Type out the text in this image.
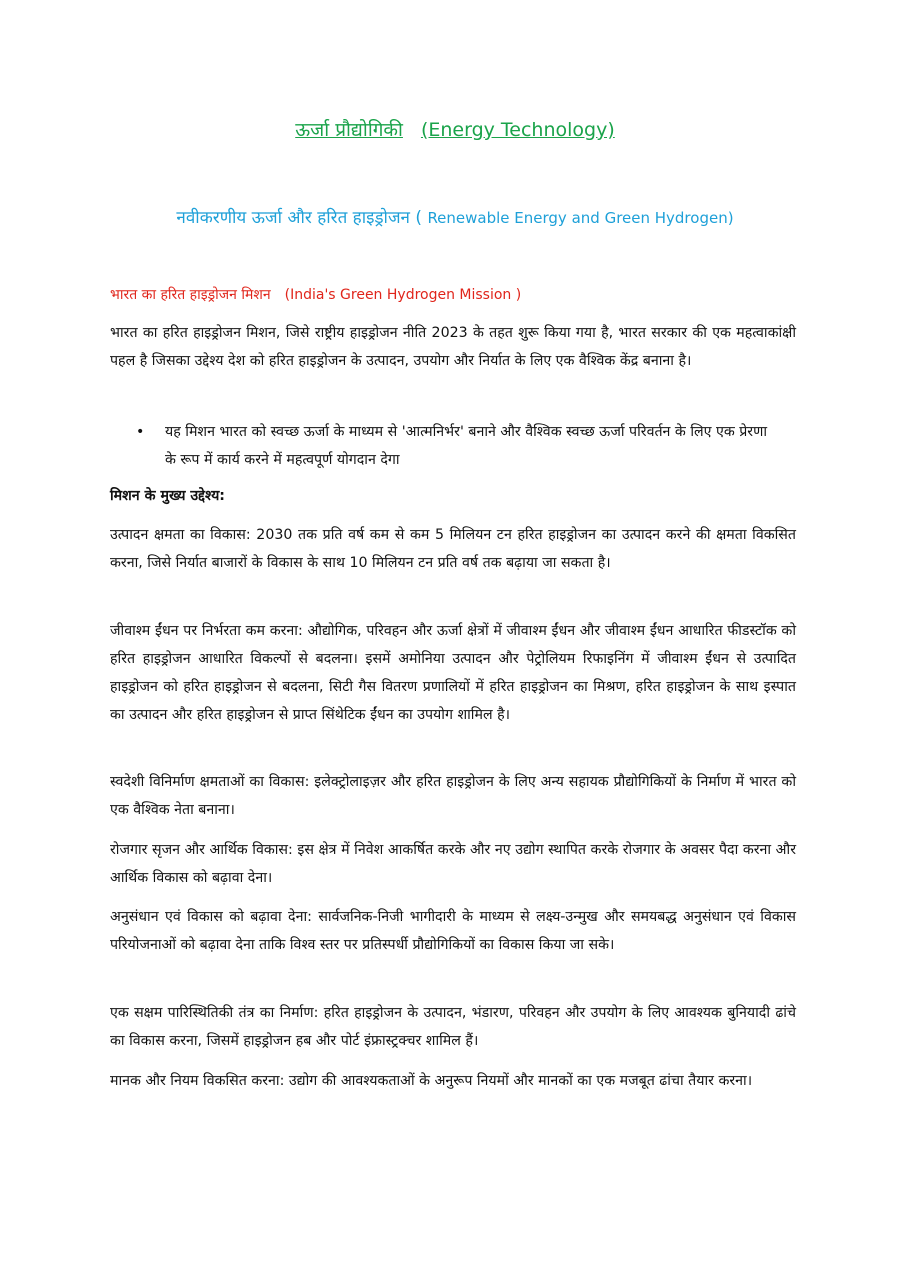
ऊर्जा प्रौद्योगिकी (Energy Technology)
नवीकरणीय ऊर्जा और हरित हाइड्रोजन ( Renewable Energy and Green Hydrogen)
भारत का हरित हाइड्रोजन मिशन (India's Green Hydrogen Mission )

भारत का हरित हाइड्रोजन मिशन, जिसे राष्ट्रीय हाइड्रोजन नीति 2023 के तहत शुरू किया गया है, भारत सरकार की एक महत्वाकांक्षी पहल है जिसका उद्देश्य देश को हरित हाइड्रोजन के उत्पादन, उपयोग और निर्यात के लिए एक वैश्विक केंद्र बनाना है।

• यह मिशन भारत को स्वच्छ ऊर्जा के माध्यम से 'आत्मनिर्भर' बनाने और वैश्विक स्वच्छ ऊर्जा परिवर्तन के लिए एक प्रेरणा के रूप में कार्य करने में महत्वपूर्ण योगदान देगा
मिशन के मुख्य उद्देश्य:

उत्पादन क्षमता का विकास: 2030 तक प्रति वर्ष कम से कम 5 मिलियन टन हरित हाइड्रोजन का उत्पादन करने की क्षमता विकसित करना, जिसे निर्यात बाजारों के विकास के साथ 10 मिलियन टन प्रति वर्ष तक बढ़ाया जा सकता है।

जीवाश्म ईंधन पर निर्भरता कम करना: औद्योगिक, परिवहन और ऊर्जा क्षेत्रों में जीवाश्म ईंधन और जीवाश्म ईंधन आधारित फीडस्टॉक को हरित हाइड्रोजन आधारित विकल्पों से बदलना। इसमें अमोनिया उत्पादन और पेट्रोलियम रिफाइनिंग में जीवाश्म ईंधन से उत्पादित हाइड्रोजन को हरित हाइड्रोजन से बदलना, सिटी गैस वितरण प्रणालियों में हरित हाइड्रोजन का मिश्रण, हरित हाइड्रोजन के साथ इस्पात का उत्पादन और हरित हाइड्रोजन से प्राप्त सिंथेटिक ईंधन का उपयोग शामिल है।

स्वदेशी विनिर्माण क्षमताओं का विकास: इलेक्ट्रोलाइज़र और हरित हाइड्रोजन के लिए अन्य सहायक प्रौद्योगिकियों के निर्माण में भारत को एक वैश्विक नेता बनाना।

रोजगार सृजन और आर्थिक विकास: इस क्षेत्र में निवेश आकर्षित करके और नए उद्योग स्थापित करके रोजगार के अवसर पैदा करना और आर्थिक विकास को बढ़ावा देना।

अनुसंधान एवं विकास को बढ़ावा देना: सार्वजनिक-निजी भागीदारी के माध्यम से लक्ष्य-उन्मुख और समयबद्ध अनुसंधान एवं विकास परियोजनाओं को बढ़ावा देना ताकि विश्व स्तर पर प्रतिस्पर्धी प्रौद्योगिकियों का विकास किया जा सके।

एक सक्षम पारिस्थितिकी तंत्र का निर्माण: हरित हाइड्रोजन के उत्पादन, भंडारण, परिवहन और उपयोग के लिए आवश्यक बुनियादी ढांचे का विकास करना, जिसमें हाइड्रोजन हब और पोर्ट इंफ्रास्ट्रक्चर शामिल हैं।

मानक और नियम विकसित करना: उद्योग की आवश्यकताओं के अनुरूप नियमों और मानकों का एक मजबूत ढांचा तैयार करना।
